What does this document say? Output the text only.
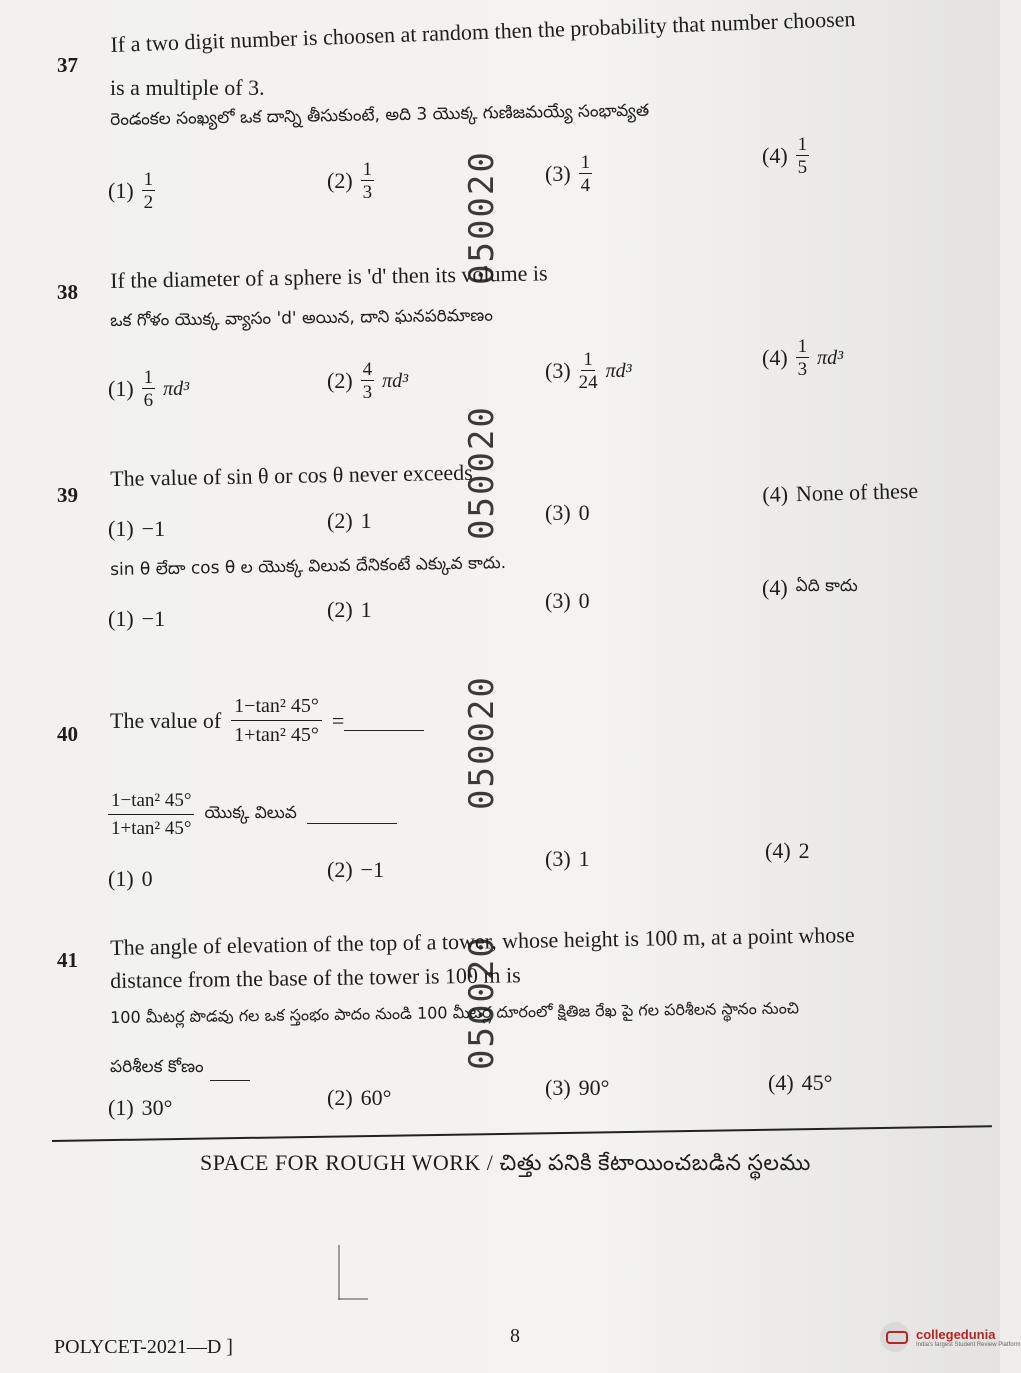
37
If a two digit number is choosen at random then the probability that number choosen
is a multiple of 3.
రెండంకల సంఖ్యలో ఒక దాన్ని తీసుకుంటే, అది 3 యొక్క గుణిజమయ్యే సంభావ్యత
$(1) \frac{1}{2}$	$(2) \frac{1}{3}$	$(3) \frac{1}{4}$	$(4) \frac{1}{5}$
050020
38 If the diameter of a sphere is 'd' then its volume is
ఒక గోళం యొక్క వ్యాసం 'd' అయిన, దాని ఘనపరిమాణం
$(1) \frac{1}{6} \pi d^3$	$(2) \frac{4}{3} \pi d^3$	$(3) \frac{1}{24} \pi d^3$
$(4) \frac{1}{3} \pi d^3$
050020
39
The value of sin θ or cos θ never exceeds
(1) −1	(2) 1	(3) 0
(4) None of these
sin θ లేదా cos θ ల యొక్క విలువ దేనికంటే ఎక్కువ కాదు.
(1) −1	(2) 1	(3) 0
(4) ఏది కాదు
050020
40
The value of $\frac{\text{1−tan² 45°}}{\text{1+tan² 45°}}$ =
$\frac{\text{1−tan² 45°}}{\text{1+tan² 45°}}$ యొక్క విలువ
(1) 0	(2) −1	(3) 1	(4) 2
050020
41
The angle of elevation of the top of a tower, whose height is 100 m, at a point whose
distance from the base of the tower is 100 m is
100 మీటర్ల పొడవు గల ఒక స్తంభం పాదం నుండి 100 మీటర్ల దూరంలో క్షితిజ రేఖ పై గల పరిశీలన స్థానం నుంచి
పరిశీలక కోణం
(1) 30°	(2) 60°	(3) 90°	(4) 45°
SPACE FOR ROUGH WORK / చిత్తు పనికి కేటాయించబడిన స్థలము
POLYCET-2021—D ]	8	collegedunia
India's largest Student Review Platform
